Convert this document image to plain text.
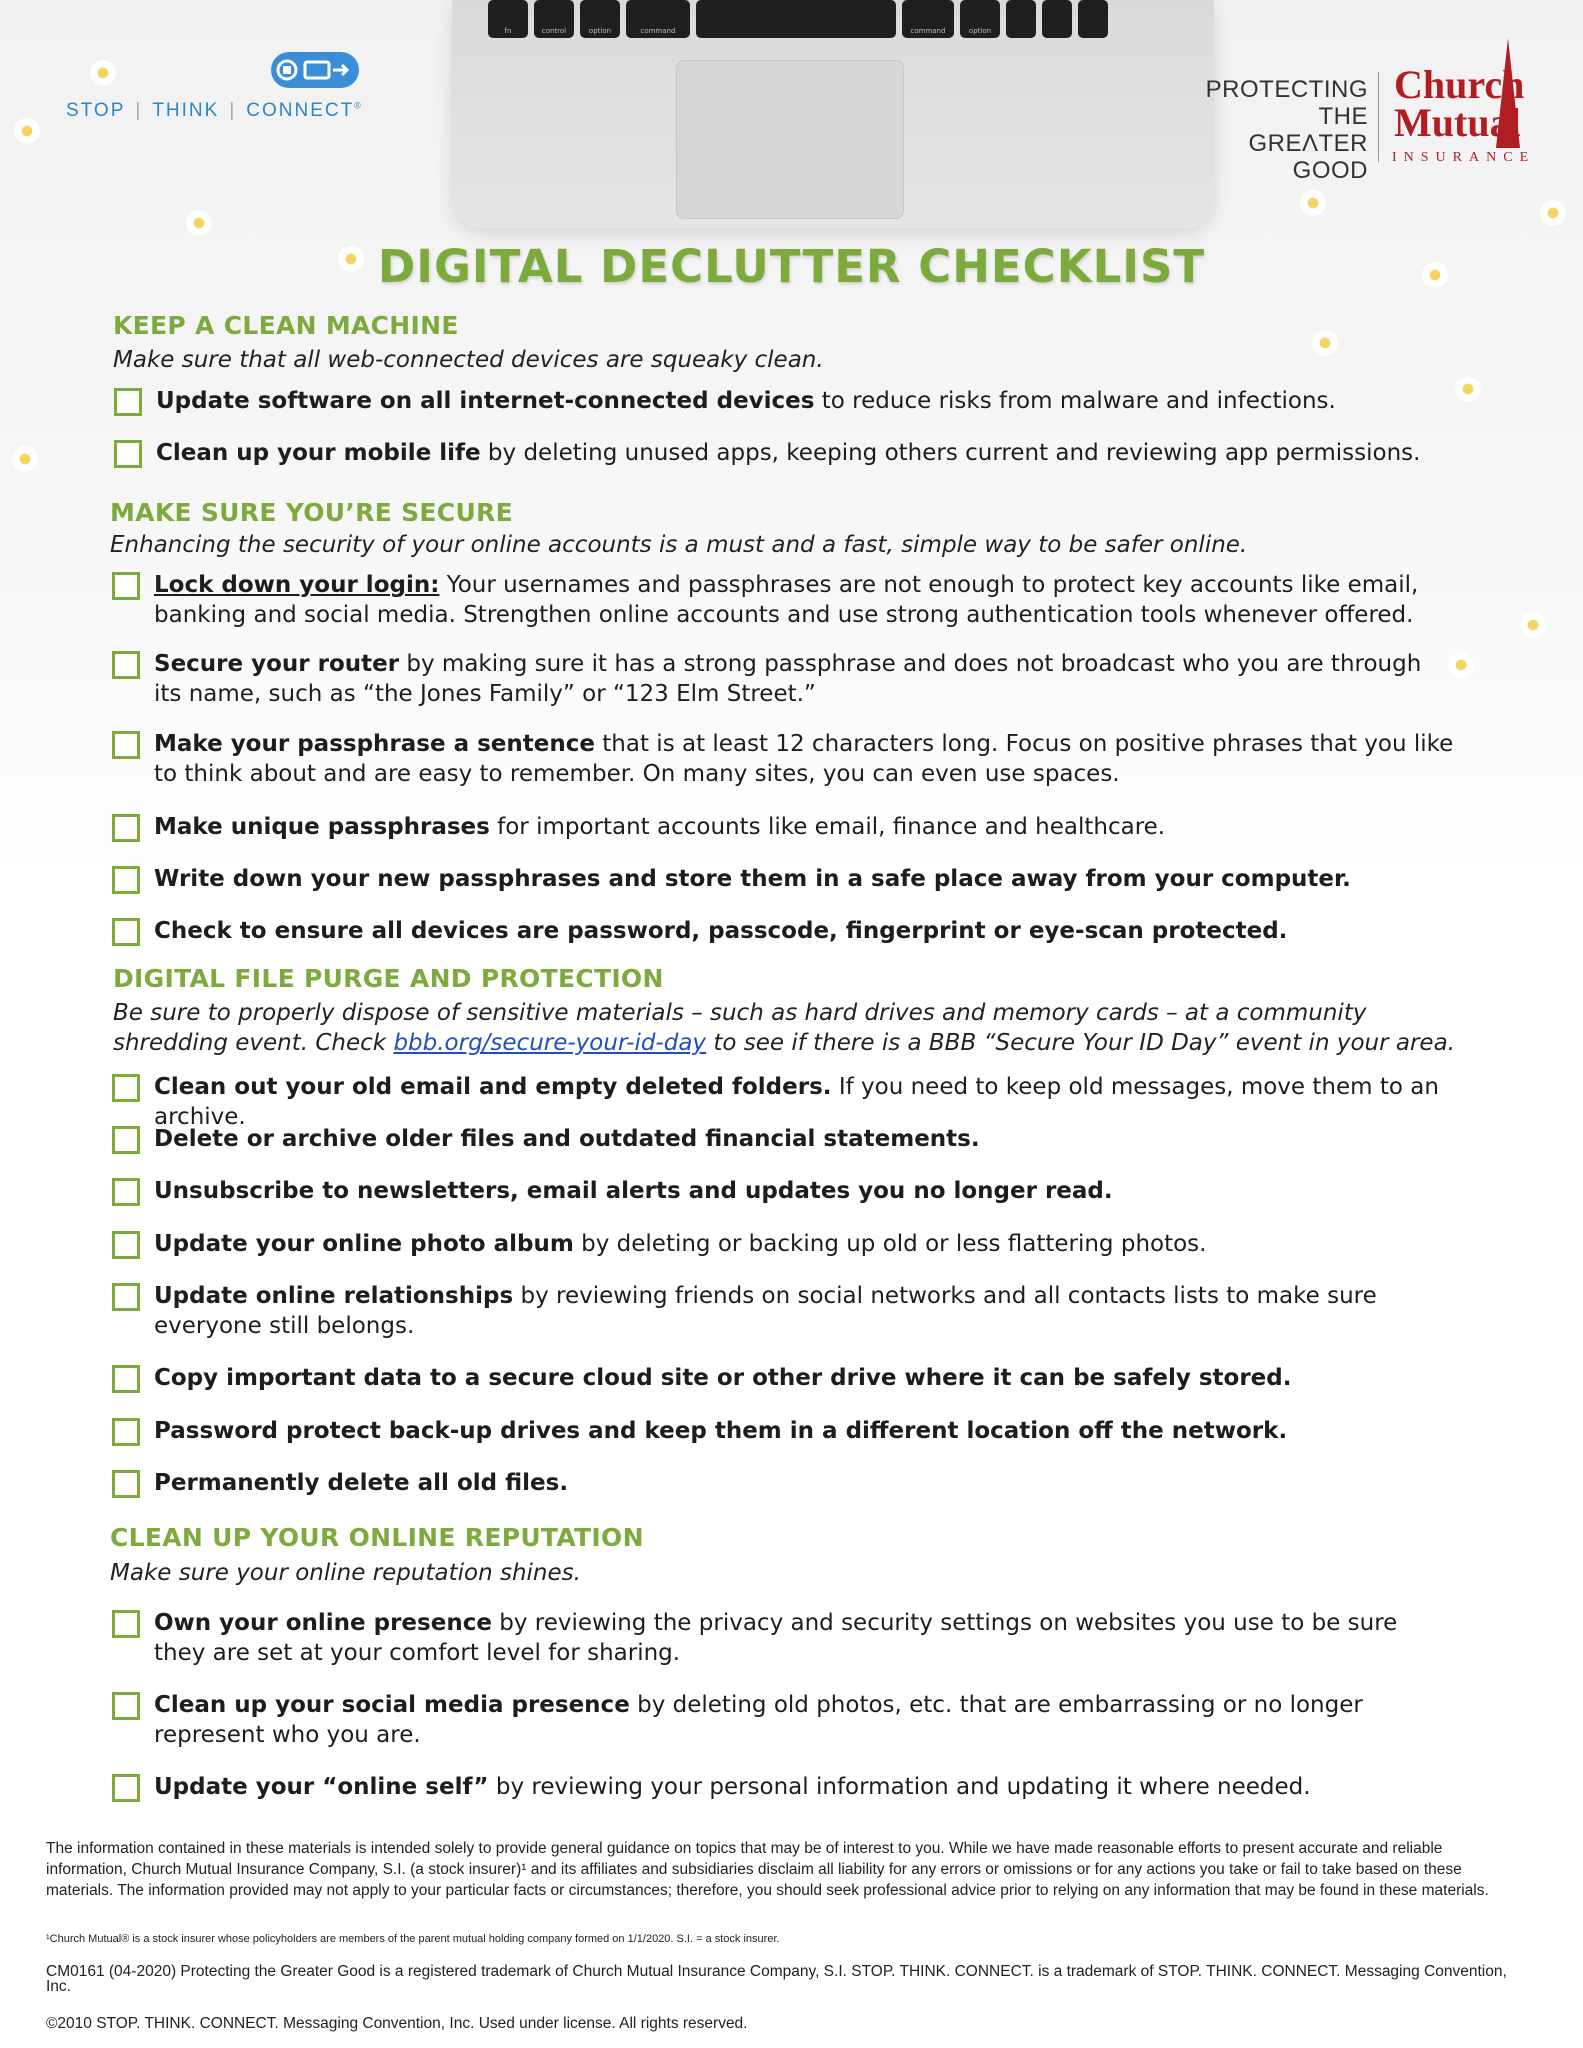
fn	control	option	command	command	option
STOP | THINK | CONNECT®
PROTECTING
THE GREΛTER
GOOD
Church
Mutual
INSURANCE
DIGITAL DECLUTTER CHECKLIST
KEEP A CLEAN MACHINE
Make sure that all web-connected devices are squeaky clean.
Update software on all internet-connected devices to reduce risks from malware and infections.
Clean up your mobile life by deleting unused apps, keeping others current and reviewing app permissions.
MAKE SURE YOU’RE SECURE
Enhancing the security of your online accounts is a must and a fast, simple way to be safer online.
Lock down your login: Your usernames and passphrases are not enough to protect key accounts like email, banking and social media. Strengthen online accounts and use strong authentication tools whenever offered.
Secure your router by making sure it has a strong passphrase and does not broadcast who you are through its name, such as “the Jones Family” or “123 Elm Street.”
Make your passphrase a sentence that is at least 12 characters long. Focus on positive phrases that you like to think about and are easy to remember. On many sites, you can even use spaces.
Make unique passphrases for important accounts like email, finance and healthcare.
Write down your new passphrases and store them in a safe place away from your computer.
Check to ensure all devices are password, passcode, fingerprint or eye-scan protected.
DIGITAL FILE PURGE AND PROTECTION
Be sure to properly dispose of sensitive materials – such as hard drives and memory cards – at a community
shredding event. Check bbb.org/secure-your-id-day to see if there is a BBB “Secure Your ID Day” event in your area.
Clean out your old email and empty deleted folders. If you need to keep old messages, move them to an archive.
Delete or archive older files and outdated financial statements.
Unsubscribe to newsletters, email alerts and updates you no longer read.
Update your online photo album by deleting or backing up old or less flattering photos.
Update online relationships by reviewing friends on social networks and all contacts lists to make sure everyone still belongs.
Copy important data to a secure cloud site or other drive where it can be safely stored.
Password protect back-up drives and keep them in a different location off the network.
Permanently delete all old files.
CLEAN UP YOUR ONLINE REPUTATION
Make sure your online reputation shines.
Own your online presence by reviewing the privacy and security settings on websites you use to be sure they are set at your comfort level for sharing.
Clean up your social media presence by deleting old photos, etc. that are embarrassing or no longer represent who you are.
Update your “online self” by reviewing your personal information and updating it where needed.
The information contained in these materials is intended solely to provide general guidance on topics that may be of interest to you. While we have made reasonable efforts to present accurate and reliable information, Church Mutual Insurance Company, S.I. (a stock insurer)¹ and its affiliates and subsidiaries disclaim all liability for any errors or omissions or for any actions you take or fail to take based on these materials. The information provided may not apply to your particular facts or circumstances; therefore, you should seek professional advice prior to relying on any information that may be found in these materials.
¹Church Mutual® is a stock insurer whose policyholders are members of the parent mutual holding company formed on 1/1/2020. S.I. = a stock insurer.
CM0161 (04-2020) Protecting the Greater Good is a registered trademark of Church Mutual Insurance Company, S.I. STOP. THINK. CONNECT. is a trademark of STOP. THINK. CONNECT. Messaging Convention, Inc.
©2010 STOP. THINK. CONNECT. Messaging Convention, Inc. Used under license. All rights reserved.
